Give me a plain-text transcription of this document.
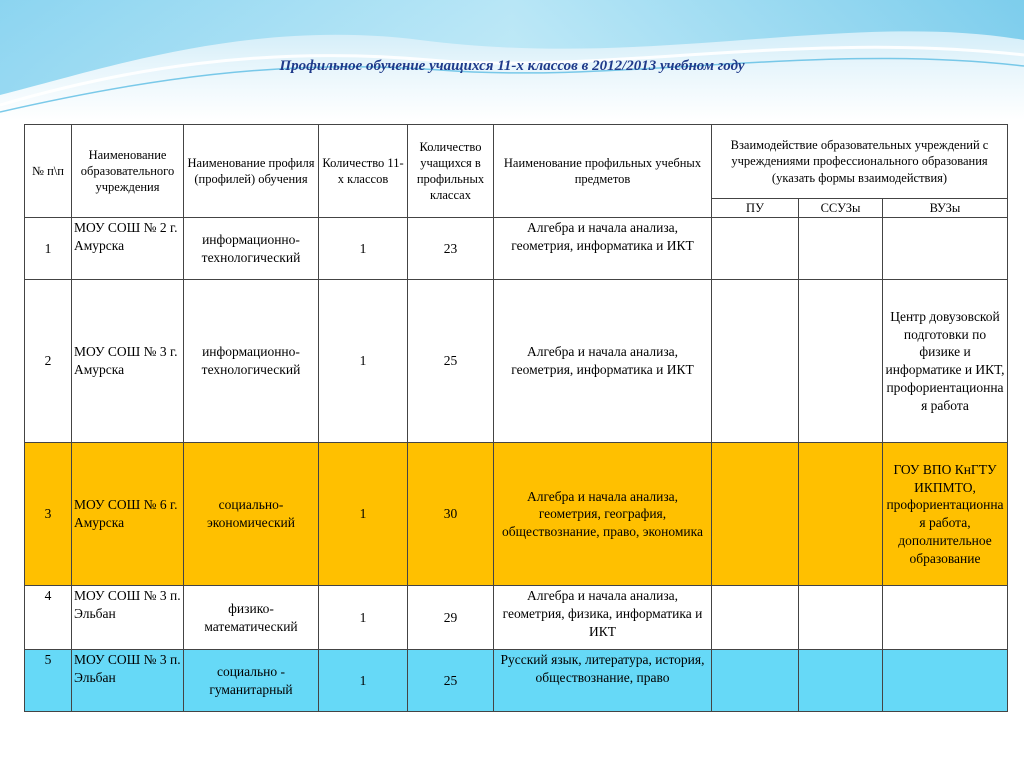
Профильное обучение учащихся 11-х классов в 2012/2013 учебном году
№ п\п	Наименование образовательного учреждения	Наименование профиля (профилей) обучения	Количество 11-х классов	Количество учащихся в профильных классах	Наименование профильных учебных предметов	Взаимодействие образовательных учреждений с учреждениями профессионального образования (указать формы взаимодействия)		
						ПУ	ССУЗы	ВУЗы
1	МОУ СОШ № 2 г. Амурска	информационно-технологический	1	23	Алгебра и начала анализа, геометрия, информатика и ИКТ			
2	МОУ СОШ № 3 г. Амурска	информационно-технологический	1	25	Алгебра и начала анализа, геометрия, информатика и ИКТ			Центр довузовской подготовки по физике и информатике и ИКТ, профориентационная работа
3	МОУ СОШ № 6 г. Амурска	социально-экономический	1	30	Алгебра и начала анализа, геометрия, география, обществознание, право, экономика			ГОУ ВПО КнГТУ ИКПМТО, профориентационная работа, дополнительное образование
4	МОУ СОШ № 3 п. Эльбан	физико-математический	1	29	Алгебра и начала анализа, геометрия, физика, информатика и ИКТ			
5	МОУ СОШ № 3 п. Эльбан	социально - гуманитарный	1	25	Русский язык, литература, история, обществознание, право			
